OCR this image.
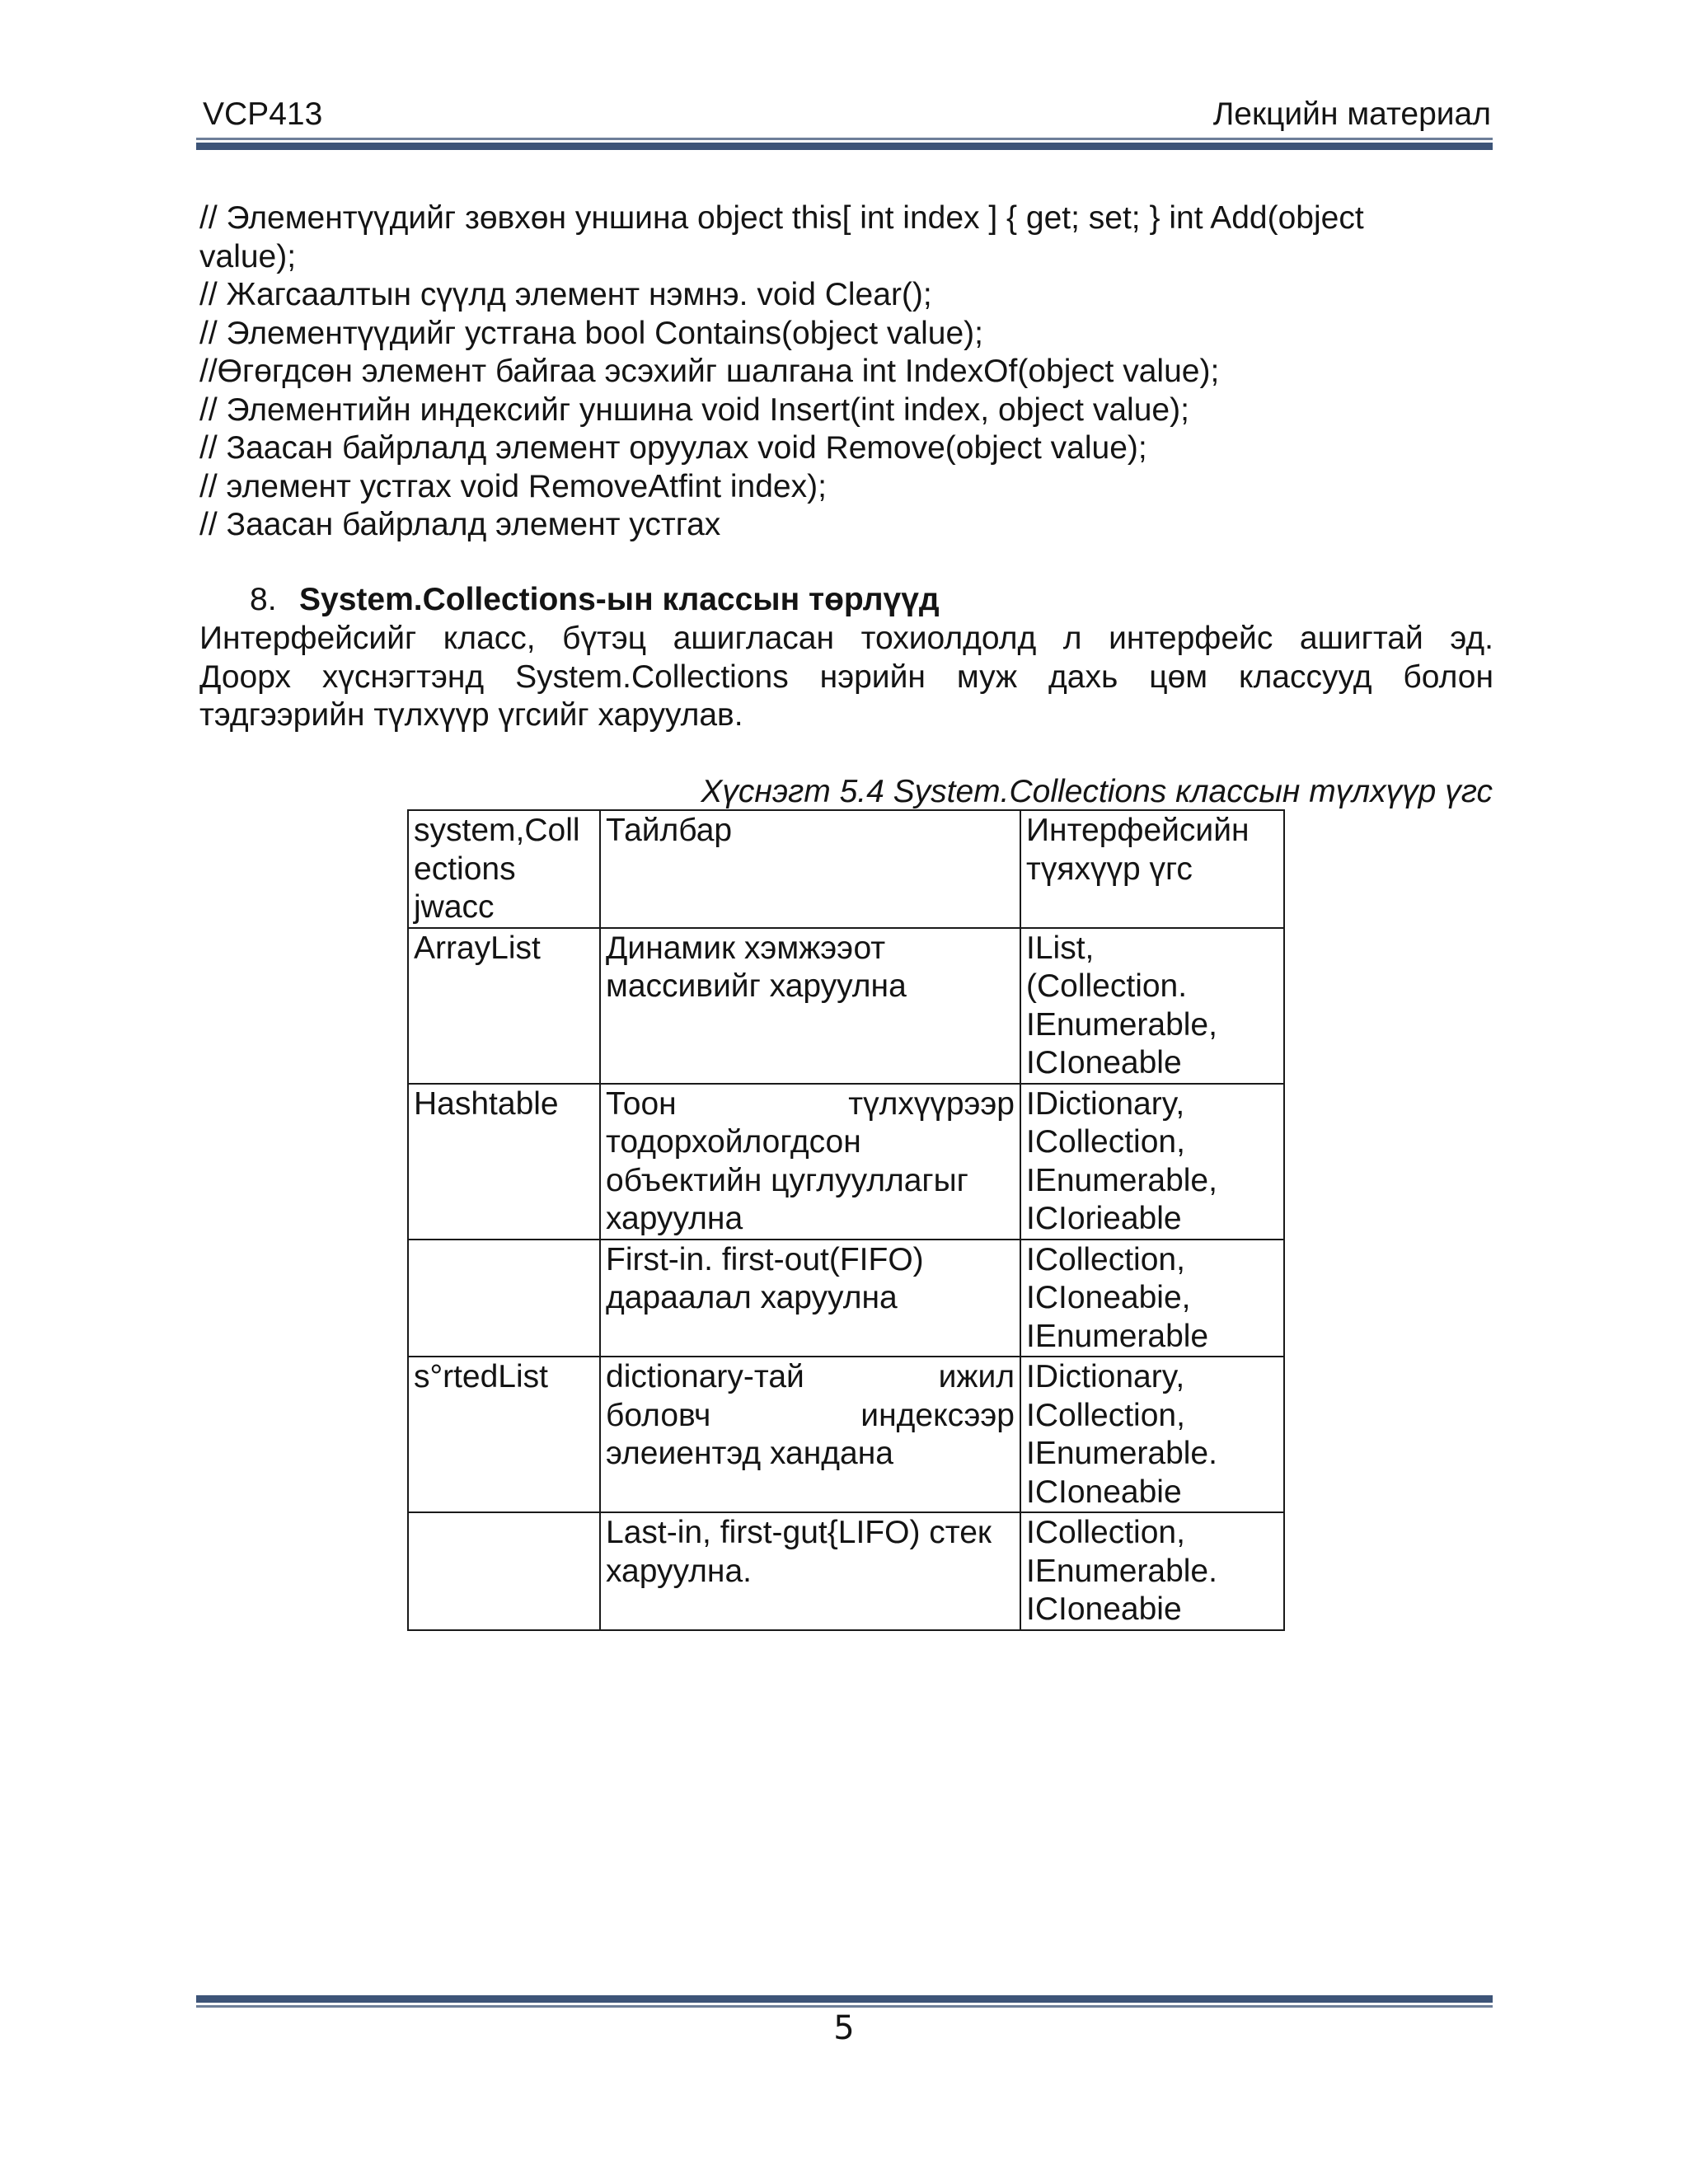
VCP413	Лекцийн материал
// Элементүүдийг зөвхөн уншина object this[ int index ] { get; set; } int Add(object
value);
// Жагсаалтын сүүлд элемент нэмнэ. void Clear();
// Элементүүдийг устгана bool Contains(object value);
//Өгөгдсөн элемент байгаа эсэхийг шалгана int IndexOf(object value);
// Элементийн индексийг уншина void Insert(int index, object value);
// Заасан байрлалд элемент оруулах void Remove(object value);
// элемент устгах void RemoveAtfint index);
// Заасан байрлалд элемент устгах
8. System.Collections-ын классын төрлүүд
Интерфейсийг класс, бүтэц ашигласан тохиолдолд л интерфейс ашигтай эд.
Доорх хүснэгтэнд System.Collections нэрийн муж дахь цөм классууд болон
тэдгээрийн түлхүүр үгсийг харуулав.
Хүснэгт 5.4 System.Collections классын түлхүүр үгс
system,Coll
ections
jwacc	Тайлбар	Интерфейсийн
түяхүүр үгс

ArrayList	Динамик хэмжээот
массивийг харуулна	IList,
(Collection.
IEnumerable,
ICIoneable

Hashtable	Тоон түлхүүрээр
тодорхойлогдсон
объектийн цуглууллагыг
харуулна	IDictionary,
ICollection,
IEnumerable,
ICIorieable

	First-in. first-out(FIFO)
дараалал харуулна	ICollection,
ICIoneabie,
IEnumerable

s°rtedList	dictionary-тай ижил
боловч индексээр
элеиентэд хандана	IDictionary,
ICollection,
IEnumerable.
ICIoneabie

	Last-in, first-gut{LIFO) стек
харуулна.	ICollection,
IEnumerable.
ICIoneabie
5
